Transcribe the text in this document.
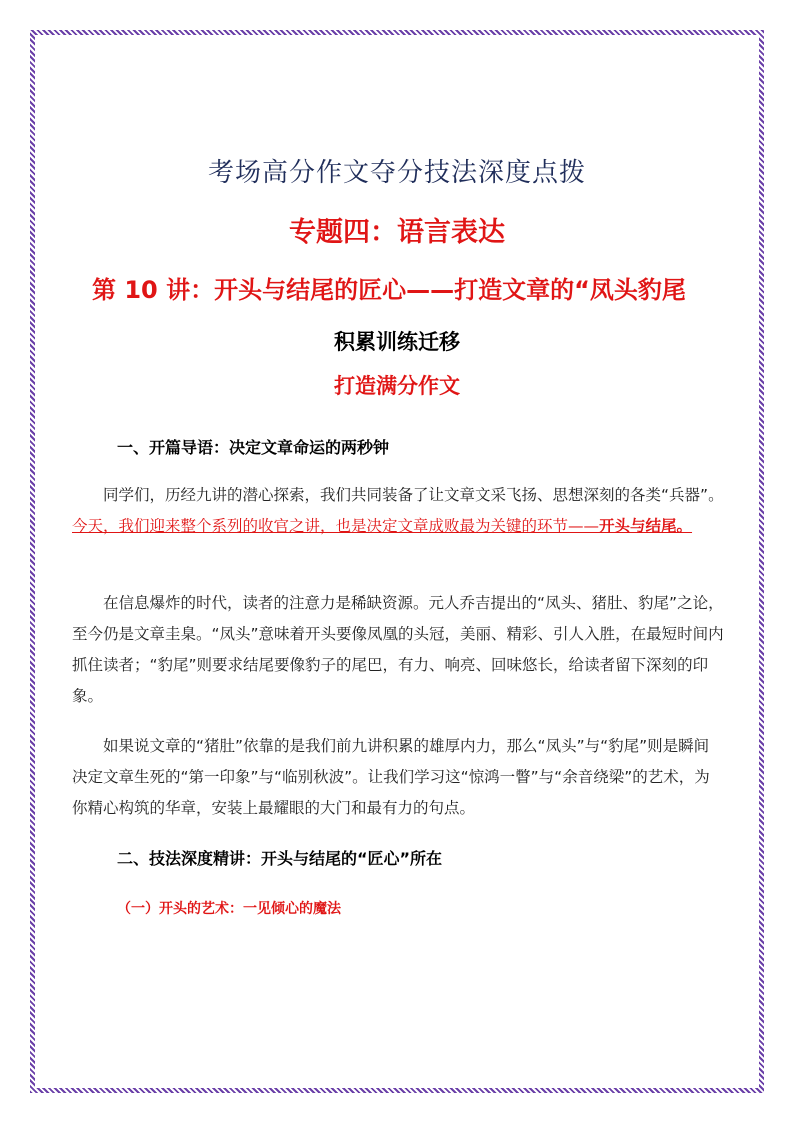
考场高分作文夺分技法深度点拨
专题四：语言表达
第 10 讲：开头与结尾的匠心——打造文章的“凤头豹尾
积累训练迁移
打造满分作文
一、开篇导语：决定文章命运的两秒钟

同学们，历经九讲的潜心探索，我们共同装备了让文章文采飞扬、思想深刻的各类“兵器”。今天，我们迎来整个系列的收官之讲，也是决定文章成败最为关键的环节——开头与结尾。

在信息爆炸的时代，读者的注意力是稀缺资源。元人乔吉提出的“凤头、猪肚、豹尾”之论，至今仍是文章圭臬。“凤头”意味着开头要像凤凰的头冠，美丽、精彩、引人入胜，在最短时间内抓住读者；“豹尾”则要求结尾要像豹子的尾巴，有力、响亮、回味悠长，给读者留下深刻的印象。

如果说文章的“猪肚”依靠的是我们前九讲积累的雄厚内力，那么“凤头”与“豹尾”则是瞬间决定文章生死的“第一印象”与“临别秋波”。让我们学习这“惊鸿一瞥”与“余音绕梁”的艺术，为你精心构筑的华章，安装上最耀眼的大门和最有力的句点。

二、技法深度精讲：开头与结尾的“匠心”所在
（一）开头的艺术：一见倾心的魔法
